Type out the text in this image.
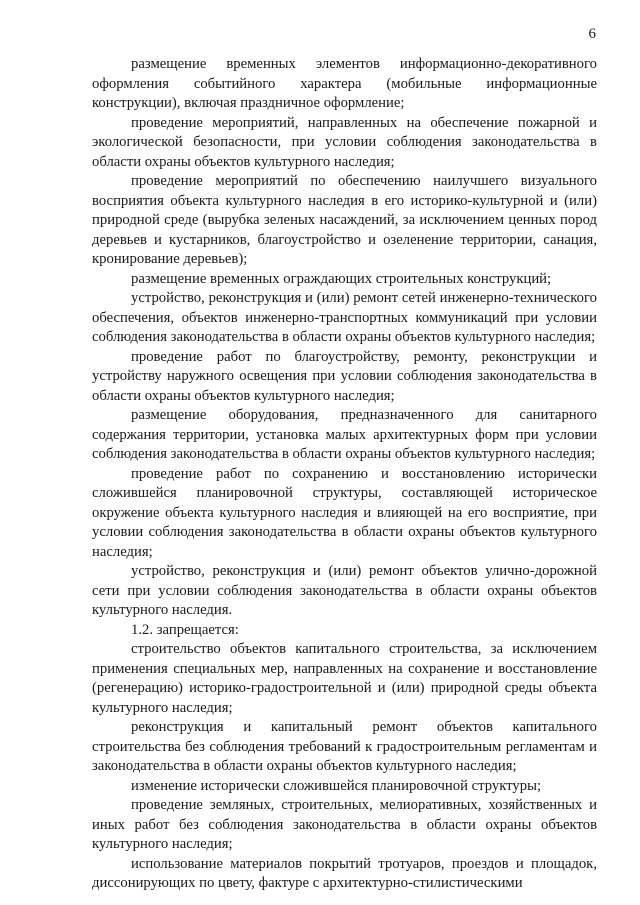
6

размещение временных элементов информационно-декоративного оформления событийного характера (мобильные информационные конструкции), включая праздничное оформление;

проведение мероприятий, направленных на обеспечение пожарной и экологической безопасности, при условии соблюдения законодательства в области охраны объектов культурного наследия;

проведение мероприятий по обеспечению наилучшего визуального восприятия объекта культурного наследия в его историко-культурной и (или) природной среде (вырубка зеленых насаждений, за исключением ценных пород деревьев и кустарников, благоустройство и озеленение территории, санация, кронирование деревьев);

размещение временных ограждающих строительных конструкций;

устройство, реконструкция и (или) ремонт сетей инженерно-технического обеспечения, объектов инженерно-транспортных коммуникаций при условии соблюдения законодательства в области охраны объектов культурного наследия;

проведение работ по благоустройству, ремонту, реконструкции и устройству наружного освещения при условии соблюдения законодательства в области охраны объектов культурного наследия;

размещение оборудования, предназначенного для санитарного содержания территории, установка малых архитектурных форм при условии соблюдения законодательства в области охраны объектов культурного наследия;

проведение работ по сохранению и восстановлению исторически сложившейся планировочной структуры, составляющей историческое окружение объекта культурного наследия и влияющей на его восприятие, при условии соблюдения законодательства в области охраны объектов культурного наследия;

устройство, реконструкция и (или) ремонт объектов улично-дорожной сети при условии соблюдения законодательства в области охраны объектов культурного наследия.

1.2. запрещается:

строительство объектов капитального строительства, за исключением применения специальных мер, направленных на сохранение и восстановление (регенерацию) историко-градостроительной и (или) природной среды объекта культурного наследия;

реконструкция и капитальный ремонт объектов капитального строительства без соблюдения требований к градостроительным регламентам и законодательства в области охраны объектов культурного наследия;

изменение исторически сложившейся планировочной структуры;

проведение земляных, строительных, мелиоративных, хозяйственных и иных работ без соблюдения законодательства в области охраны объектов культурного наследия;

использование материалов покрытий тротуаров, проездов и площадок, диссонирующих по цвету, фактуре с архитектурно-стилистическими
